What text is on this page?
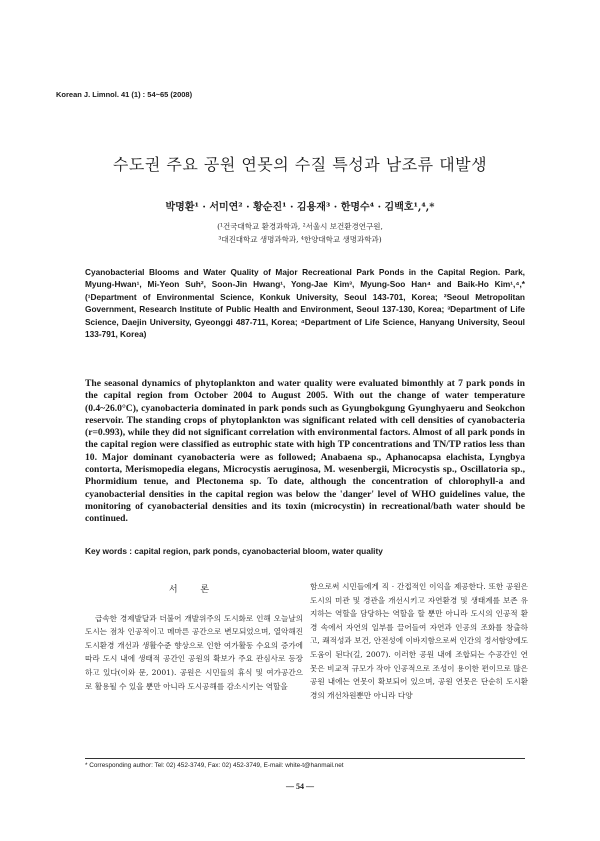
Korean J. Limnol. 41 (1) : 54~65 (2008)
수도권 주요 공원 연못의 수질 특성과 남조류 대발생
박명환¹ · 서미연² · 황순진¹ · 김용재³ · 한명수⁴ · 김백호¹,⁴,*
(¹건국대학교 환경과학과, ²서울시 보건환경연구원,
³대진대학교 생명과학과, ⁴한양대학교 생명과학과)
Cyanobacterial Blooms and Water Quality of Major Recreational Park Ponds in the Capital Region. Park, Myung-Hwan¹, Mi-Yeon Suh², Soon-Jin Hwang¹, Yong-Jae Kim³, Myung-Soo Han⁴ and Baik-Ho Kim¹,⁴,* (¹Department of Environmental Science, Konkuk University, Seoul 143-701, Korea; ²Seoul Metropolitan Government, Research Institute of Public Health and Environment, Seoul 137-130, Korea; ³Department of Life Science, Daejin University, Gyeonggi 487-711, Korea; ⁴Department of Life Science, Hanyang University, Seoul 133-791, Korea)
The seasonal dynamics of phytoplankton and water quality were evaluated bimonthly at 7 park ponds in the capital region from October 2004 to August 2005. With out the change of water temperature (0.4~26.0°C), cyanobacteria dominated in park ponds such as Gyungbokgung Gyunghyaeru and Seokchon reservoir. The standing crops of phytoplankton was significant related with cell densities of cyanobacteria (r=0.993), while they did not significant correlation with environmental factors. Almost of all park ponds in the capital region were classified as eutrophic state with high TP concentrations and TN/TP ratios less than 10. Major dominant cyanobacteria were as followed; Anabaena sp., Aphanocapsa elachista, Lyngbya contorta, Merismopedia elegans, Microcystis aeruginosa, M. wesenbergii, Microcystis sp., Oscillatoria sp., Phormidium tenue, and Plectonema sp. To date, although the concentration of chlorophyll-a and cyanobacterial densities in the capital region was below the 'danger' level of WHO guidelines value, the monitoring of cyanobacterial densities and its toxin (microcystin) in recreational/bath water should be continued.
Key words : capital region, park ponds, cyanobacterial bloom, water quality
서 론

급속한 경제발달과 더불어 개발위주의 도시화로 인해 오늘날의 도시는 점차 인공적이고 메마른 공간으로 변모되었으며, 열악해진 도시환경 개선과 생활수준 향상으로 인한 여가활동 수요의 증가에 따라 도시 내에 생태적 공간인 공원의 확보가 주요 관심사로 등장하고 있다(이와 문, 2001). 공원은 시민들의 휴식 및 여가공간으로 활용될 수 있을 뿐만 아니라 도시공해를 감소시키는 역할을

함으로써 시민들에게 직 · 간접적인 이익을 제공한다. 또한 공원은 도시의 미관 및 경관을 개선시키고 자연환경 및 생태계를 보존 유지하는 역할을 담당하는 역할을 할 뿐만 아니라 도시의 인공적 환경 속에서 자연의 일부를 끌어들여 자연과 인공의 조화를 창출하고, 쾌적성과 보건, 안전성에 이바지함으로써 인간의 정서함양에도 도움이 된다(길, 2007). 이러한 공원 내에 조합되는 수공간인 연못은 비교적 규모가 작아 인공적으로 조성이 용이한 편이므로 많은 공원 내에는 연못이 확보되어 있으며, 공원 연못은 단순히 도시환경의 개선차원뿐만 아니라 다양

* Corresponding author: Tel: 02) 452-3749, Fax: 02) 452-3749, E-mail: white-t@hanmail.net
— 54 —
